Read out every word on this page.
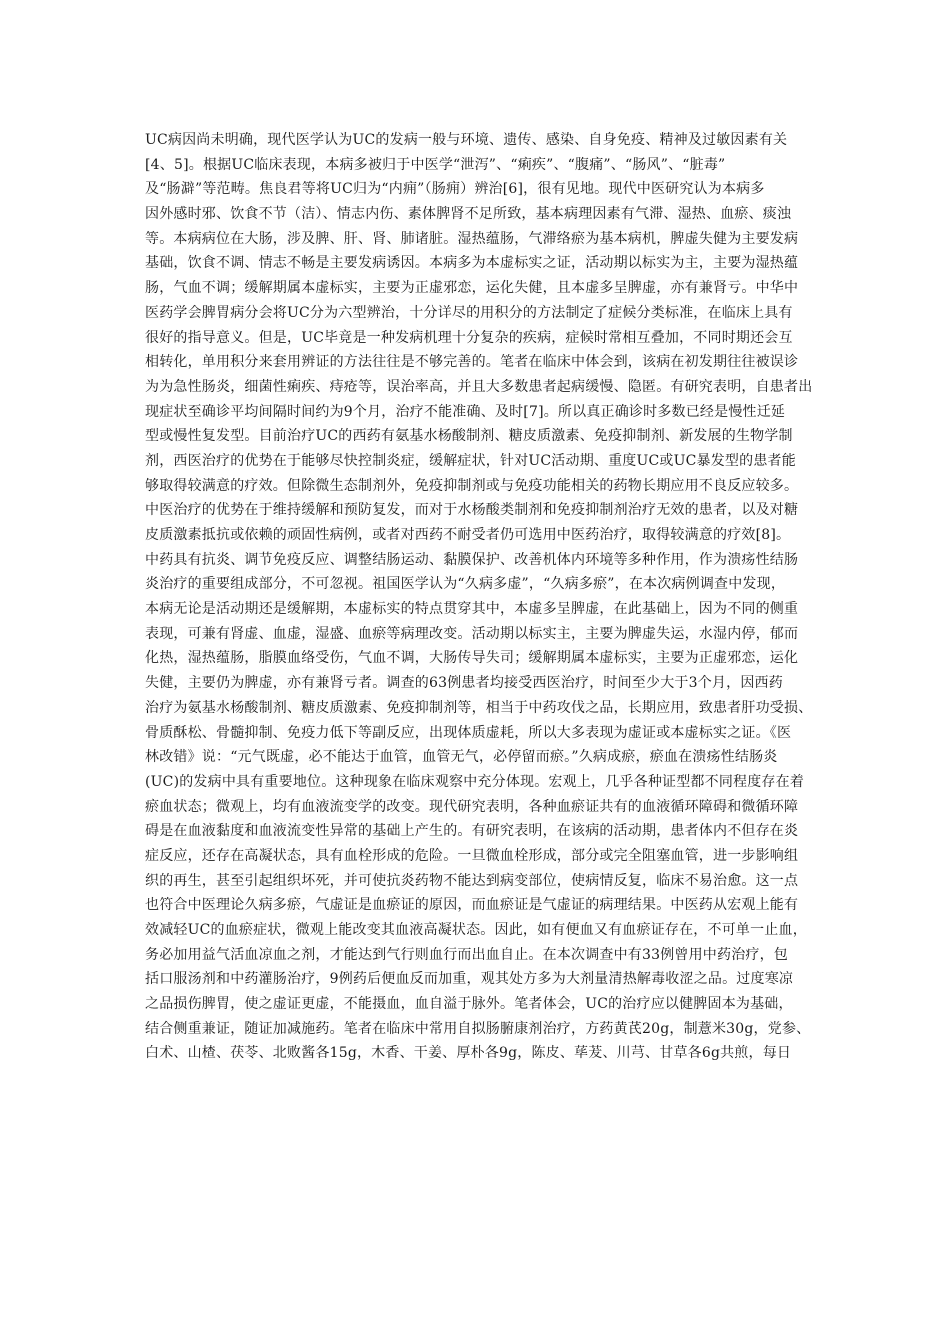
UC病因尚未明确，现代医学认为UC的发病一般与环境、遗传、感染、自身免疫、精神及过敏因素有关
[4、5]。根据UC临床表现，本病多被归于中医学“泄泻”、“痢疾”、“腹痛”、“肠风”、“脏毒”
及“肠澼”等范畴。焦良君等将UC归为“内痈”（肠痈）辨治[6]，很有见地。现代中医研究认为本病多
因外感时邪、饮食不节（洁）、情志内伤、素体脾肾不足所致，基本病理因素有气滞、湿热、血瘀、痰浊
等。本病病位在大肠，涉及脾、肝、肾、肺诸脏。湿热蕴肠，气滞络瘀为基本病机，脾虚失健为主要发病
基础，饮食不调、情志不畅是主要发病诱因。本病多为本虚标实之证，活动期以标实为主，主要为湿热蕴
肠，气血不调；缓解期属本虚标实，主要为正虚邪恋，运化失健，且本虚多呈脾虚，亦有兼肾亏。中华中
医药学会脾胃病分会将UC分为六型辨治，十分详尽的用积分的方法制定了症候分类标准，在临床上具有
很好的指导意义。但是，UC毕竟是一种发病机理十分复杂的疾病，症候时常相互叠加，不同时期还会互
相转化，单用积分来套用辨证的方法往往是不够完善的。笔者在临床中体会到，该病在初发期往往被误诊
为为急性肠炎，细菌性痢疾、痔疮等，误治率高，并且大多数患者起病缓慢、隐匿。有研究表明，自患者出
现症状至确诊平均间隔时间约为9个月，治疗不能准确、及时[7]。所以真正确诊时多数已经是慢性迁延
型或慢性复发型。目前治疗UC的西药有氨基水杨酸制剂、糖皮质激素、免疫抑制剂、新发展的生物学制
剂，西医治疗的优势在于能够尽快控制炎症，缓解症状，针对UC活动期、重度UC或UC暴发型的患者能
够取得较满意的疗效。但除微生态制剂外，免疫抑制剂或与免疫功能相关的药物长期应用不良反应较多。
中医治疗的优势在于维持缓解和预防复发，而对于水杨酸类制剂和免疫抑制剂治疗无效的患者，以及对糖
皮质激素抵抗或依赖的顽固性病例，或者对西药不耐受者仍可选用中医药治疗，取得较满意的疗效[8]。
中药具有抗炎、调节免疫反应、调整结肠运动、黏膜保护、改善机体内环境等多种作用，作为溃疡性结肠
炎治疗的重要组成部分，不可忽视。祖国医学认为“久病多虚”，“久病多瘀”，在本次病例调查中发现，
本病无论是活动期还是缓解期，本虚标实的特点贯穿其中，本虚多呈脾虚，在此基础上，因为不同的侧重
表现，可兼有肾虚、血虚，湿盛、血瘀等病理改变。活动期以标实主，主要为脾虚失运，水湿内停，郁而
化热，湿热蕴肠，脂膜血络受伤，气血不调，大肠传导失司；缓解期属本虚标实，主要为正虚邪恋，运化
失健，主要仍为脾虚，亦有兼肾亏者。调查的63例患者均接受西医治疗，时间至少大于3个月，因西药
治疗为氨基水杨酸制剂、糖皮质激素、免疫抑制剂等，相当于中药攻伐之品，长期应用，致患者肝功受损、
骨质酥松、骨髓抑制、免疫力低下等副反应，出现体质虚耗，所以大多表现为虚证或本虚标实之证。《医
林改错》说：“元气既虚，必不能达于血管，血管无气，必停留而瘀。”久病成瘀，瘀血在溃疡性结肠炎
(UC)的发病中具有重要地位。这种现象在临床观察中充分体现。宏观上，几乎各种证型都不同程度存在着
瘀血状态；微观上，均有血液流变学的改变。现代研究表明，各种血瘀证共有的血液循环障碍和微循环障
碍是在血液黏度和血液流变性异常的基础上产生的。有研究表明，在该病的活动期，患者体内不但存在炎
症反应，还存在高凝状态，具有血栓形成的危险。一旦微血栓形成，部分或完全阻塞血管，进一步影响组
织的再生，甚至引起组织坏死，并可使抗炎药物不能达到病变部位，使病情反复，临床不易治愈。这一点
也符合中医理论久病多瘀，气虚证是血瘀证的原因，而血瘀证是气虚证的病理结果。中医药从宏观上能有
效减轻UC的血瘀症状，微观上能改变其血液高凝状态。因此，如有便血又有血瘀证存在，不可单一止血，
务必加用益气活血凉血之剂，才能达到气行则血行而出血自止。在本次调查中有33例曾用中药治疗，包
括口服汤剂和中药灌肠治疗，9例药后便血反而加重，观其处方多为大剂量清热解毒收涩之品。过度寒凉
之品损伤脾胃，使之虚证更虚，不能摄血，血自溢于脉外。笔者体会，UC的治疗应以健脾固本为基础，
结合侧重兼证，随证加减施药。笔者在临床中常用自拟肠腑康剂治疗，方药黄芪20g，制薏米30g，党参、
白术、山楂、茯苓、北败酱各15g，木香、干姜、厚朴各9g，陈皮、荜茇、川芎、甘草各6g共煎，每日
